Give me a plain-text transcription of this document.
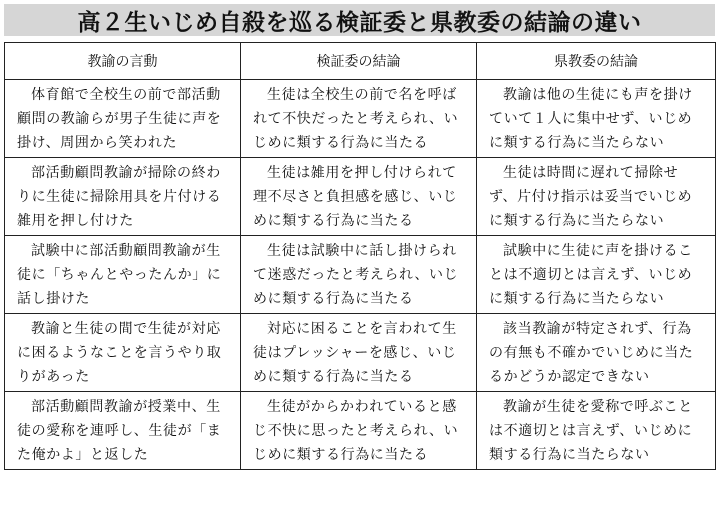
高２生いじめ自殺を巡る検証委と県教委の結論の違い
教諭の言動	検証委の結論	県教委の結論
体育館で全校生の前で部活動顧問の教諭らが男子生徒に声を掛け、周囲から笑われた	生徒は全校生の前で名を呼ばれて不快だったと考えられ、いじめに類する行為に当たる	教諭は他の生徒にも声を掛けていて１人に集中せず、いじめに類する行為に当たらない
部活動顧問教諭が掃除の終わりに生徒に掃除用具を片付ける雑用を押し付けた	生徒は雑用を押し付けられて理不尽さと負担感を感じ、いじめに類する行為に当たる	生徒は時間に遅れて掃除せず、片付け指示は妥当でいじめに類する行為に当たらない
試験中に部活動顧問教諭が生徒に「ちゃんとやったんか」に話し掛けた	生徒は試験中に話し掛けられて迷惑だったと考えられ、いじめに類する行為に当たる	試験中に生徒に声を掛けることは不適切とは言えず、いじめに類する行為に当たらない
教諭と生徒の間で生徒が対応に困るようなことを言うやり取りがあった	対応に困ることを言われて生徒はプレッシャーを感じ、いじめに類する行為に当たる	該当教諭が特定されず、行為の有無も不確かでいじめに当たるかどうか認定できない
部活動顧問教諭が授業中、生徒の愛称を連呼し、生徒が「また俺かよ」と返した	生徒がからかわれていると感じ不快に思ったと考えられ、いじめに類する行為に当たる	教諭が生徒を愛称で呼ぶことは不適切とは言えず、いじめに類する行為に当たらない
